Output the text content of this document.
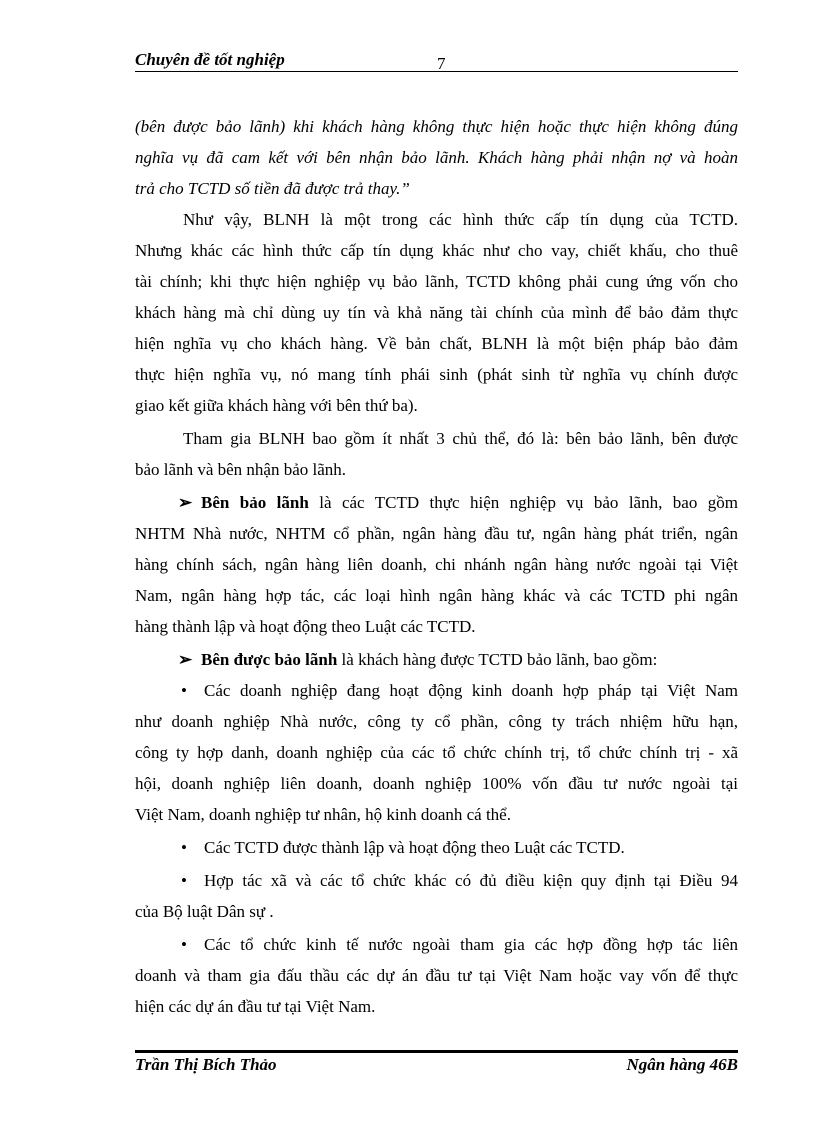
Chuyên đề tốt nghiệp	7
(bên được bảo lãnh) khi khách hàng không thực hiện hoặc thực hiện không đúng
nghĩa vụ đã cam kết với bên nhận bảo lãnh. Khách hàng phải nhận nợ và hoàn
trả cho TCTD số tiền đã được trả thay.”
Như vậy, BLNH là một trong các hình thức cấp tín dụng của TCTD.
Nhưng khác các hình thức cấp tín dụng khác như cho vay, chiết khấu, cho thuê
tài chính; khi thực hiện nghiệp vụ bảo lãnh, TCTD không phải cung ứng vốn cho
khách hàng mà chỉ dùng uy tín và khả năng tài chính của mình để bảo đảm thực
hiện nghĩa vụ cho khách hàng. Về bản chất, BLNH là một biện pháp bảo đảm
thực hiện nghĩa vụ, nó mang tính phái sinh (phát sinh từ nghĩa vụ chính được
giao kết giữa khách hàng với bên thứ ba).
Tham gia BLNH bao gồm ít nhất 3 chủ thể, đó là: bên bảo lãnh, bên được
bảo lãnh và bên nhận bảo lãnh.
➢ Bên bảo lãnh là các TCTD thực hiện nghiệp vụ bảo lãnh, bao gồm
NHTM Nhà nước, NHTM cổ phần, ngân hàng đầu tư, ngân hàng phát triển, ngân
hàng chính sách, ngân hàng liên doanh, chi nhánh ngân hàng nước ngoài tại Việt
Nam, ngân hàng hợp tác, các loại hình ngân hàng khác và các TCTD phi ngân
hàng thành lập và hoạt động theo Luật các TCTD.
➢ Bên được bảo lãnh là khách hàng được TCTD bảo lãnh, bao gồm:
• Các doanh nghiệp đang hoạt động kinh doanh hợp pháp tại Việt Nam
như doanh nghiệp Nhà nước, công ty cổ phần, công ty trách nhiệm hữu hạn,
công ty hợp danh, doanh nghiệp của các tổ chức chính trị, tổ chức chính trị - xã
hội, doanh nghiệp liên doanh, doanh nghiệp 100% vốn đầu tư nước ngoài tại
Việt Nam, doanh nghiệp tư nhân, hộ kinh doanh cá thể.
• Các TCTD được thành lập và hoạt động theo Luật các TCTD.
• Hợp tác xã và các tổ chức khác có đủ điều kiện quy định tại Điều 94
của Bộ luật Dân sự .
• Các tổ chức kinh tế nước ngoài tham gia các hợp đồng hợp tác liên
doanh và tham gia đấu thầu các dự án đầu tư tại Việt Nam hoặc vay vốn để thực
hiện các dự án đầu tư tại Việt Nam.
Trần Thị Bích Thảo	Ngân hàng 46B
